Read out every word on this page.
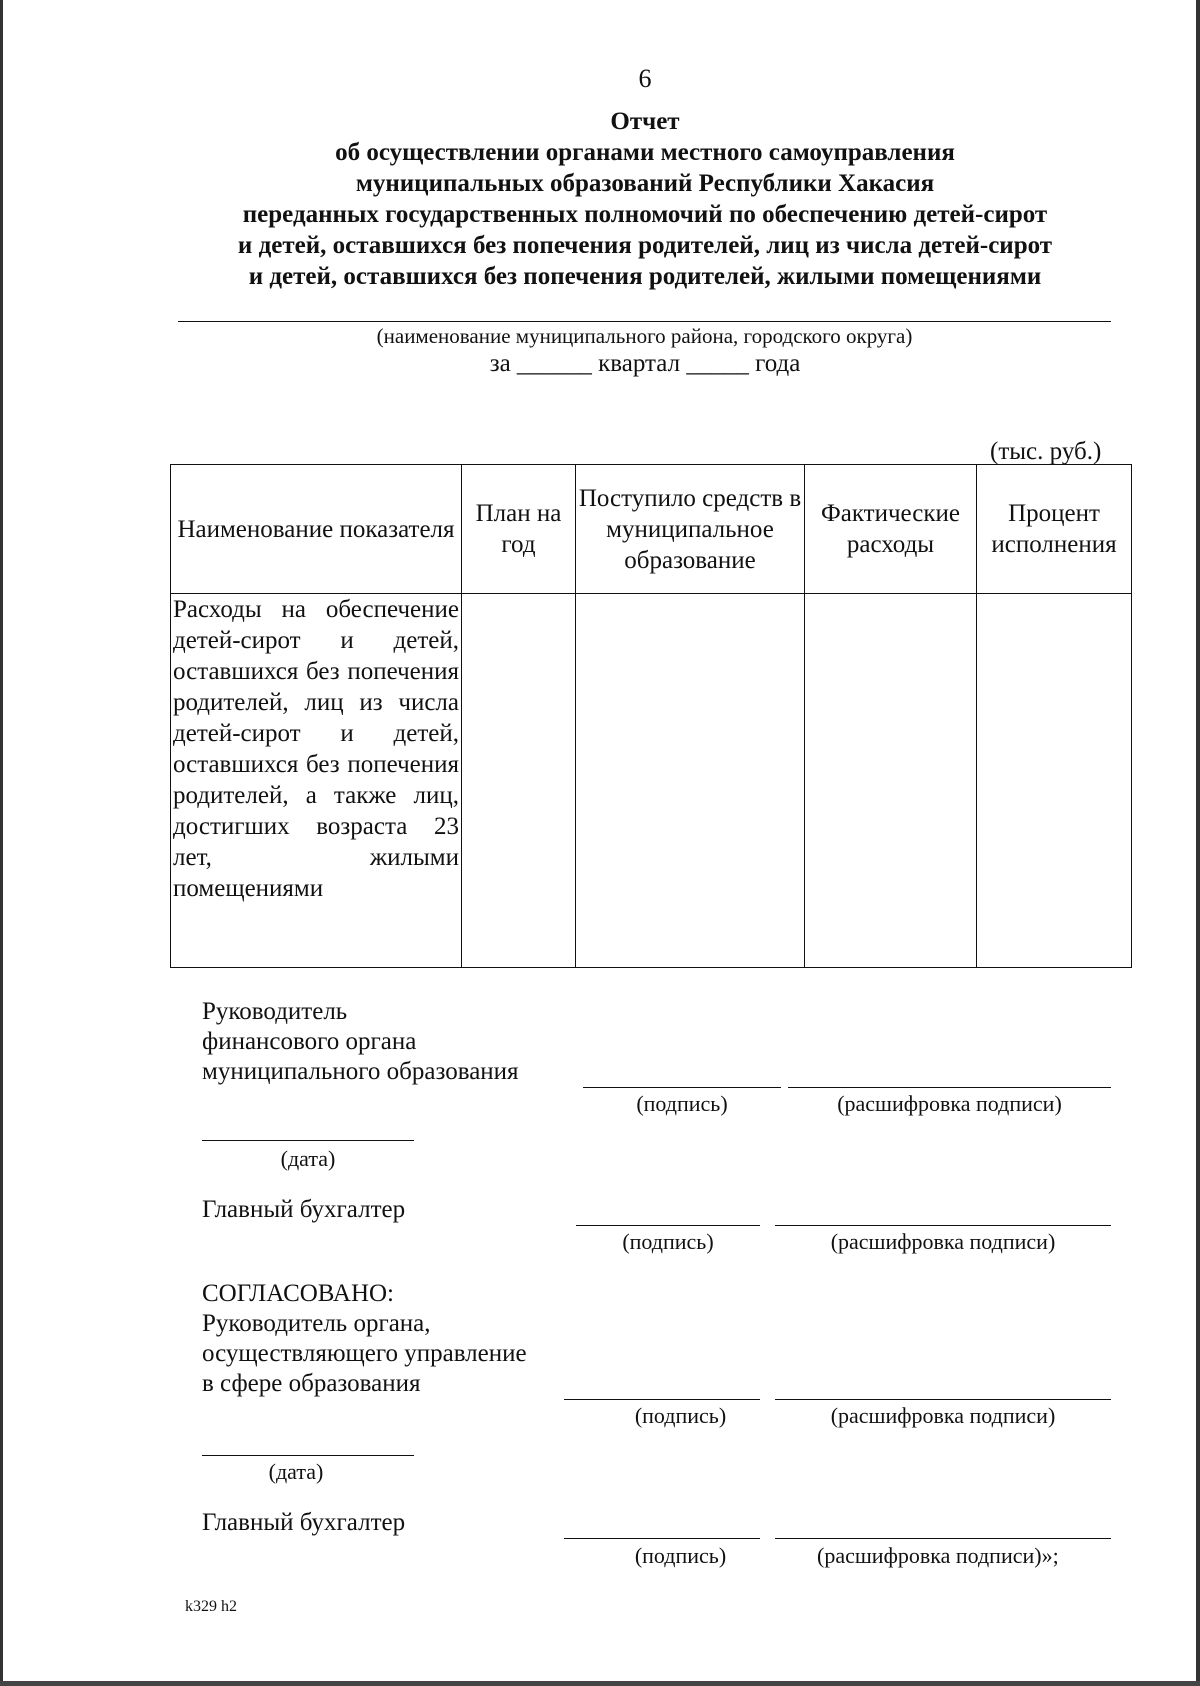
6
Отчет
об осуществлении органами местного самоуправления
муниципальных образований Республики Хакасия
переданных государственных полномочий по обеспечению детей-сирот
и детей, оставшихся без попечения родителей, лиц из числа детей-сирот
и детей, оставшихся без попечения родителей, жилыми помещениями
(наименование муниципального района, городского округа)
за ______ квартал _____ года
(тыс. руб.)
Наименование показателя	План на год	Поступило средств в муниципальное образование	Фактические расходы	Процент исполнения
Расходы на обеспечение детей-сирот и детей, оставшихся без попечения родителей, лиц из числа детей-сирот и детей, оставшихся без попечения родителей, а также лиц, достигших возраста 23 лет, жилыми помещениями				
Руководитель
финансового органа
муниципального образования
(подпись)	(расшифровка подписи)
(дата)
Главный бухгалтер
(подпись)	(расшифровка подписи)
СОГЛАСОВАНО:
Руководитель органа,
осуществляющего управление
в сфере образования
(подпись)	(расшифровка подписи)
(дата)
Главный бухгалтер
(подпись)	(расшифровка подписи)»;
k329 h2
